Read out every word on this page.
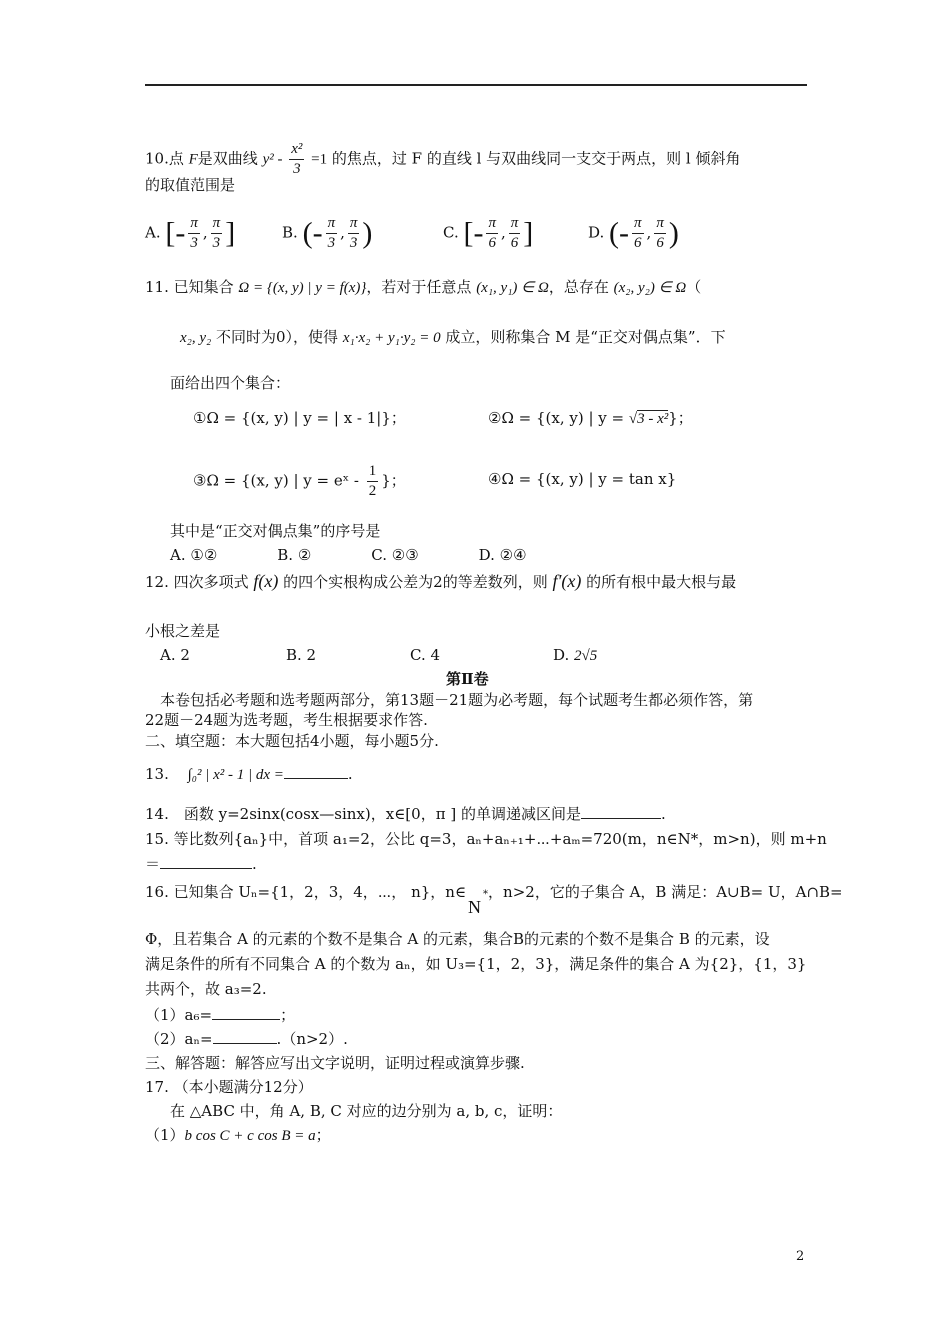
10.点 F是双曲线 $y^2 - \frac{\text{x²}}{3} =1$ 的焦点，过 F 的直线 l 与双曲线同一支交于两点，则 l 倾斜角
的取值范围是
A. [- $\frac{\pi}{3}$ , $\frac{\pi}{3}$ ]	B. (- $\frac{\pi}{3}$ , $\frac{\pi}{3}$ )	C. [- $\frac{\pi}{6}$ , $\frac{\pi}{6}$ ]	D. (- $\frac{\pi}{6}$ , $\frac{\pi}{6}$ )
11. 已知集合 Ω = {(x, y) | y = f(x)}，若对于任意点 (x₁, y₁) ∈ Ω，总存在 (x₂, y₂) ∈ Ω（
x₂, y₂ 不同时为0），使得 x₁·x₂ + y₁·y₂ = 0 成立，则称集合 M 是“正交对偶点集”．下
面给出四个集合：
①Ω = {(x, y) | y = | x - 1|}；	②Ω = {(x, y) | y = √3 - x²}；
③Ω = {(x, y) | y = eˣ - $\frac{1}{2}$ }；	④Ω = {(x, y) | y = tan x}
其中是“正交对偶点集”的序号是
A. ①②　　　　B. ②　　　　C. ②③　　　　D. ②④
12. 四次多项式 f(x) 的四个实根构成公差为2的等差数列，则 f′(x) 的所有根中最大根与最
小根之差是
A. 2	B. 2	C. 4	D. 2√5
第Ⅱ卷
本卷包括必考题和选考题两部分，第13题－21题为必考题，每个试题考生都必须作答，第
22题－24题为选考题，考生根据要求作答.
二、填空题：本大题包括4小题，每小题5分.
13. ∫₀² | x² - 1 | dx =	.
14.　函数 y=2sinx(cosx—sinx)，x∈[0，π ] 的单调递减区间是	.
15. 等比数列{aₙ}中，首项 a₁=2，公比 q=3，aₙ+aₙ₊₁+⋯+aₘ=720(m，n∈N*，m>n)，则 m+n
＝	.
16. 已知集合 Uₙ={1，2，3，4，⋯， n}，n∈N*，n>2，它的子集合 A，B 满足：A∪B= U，A∩B=
Φ，且若集合 A 的元素的个数不是集合 A 的元素，集合B的元素的个数不是集合 B 的元素，设
满足条件的所有不同集合 A 的个数为 aₙ，如 U₃={1，2，3}，满足条件的集合 A 为{2}，{1，3}
共两个，故 a₃=2.
（1）a₆=	；
（2）aₙ=	.（n>2）.
三、解答题：解答应写出文字说明，证明过程或演算步骤.
17. （本小题满分12分）
在 △ABC 中，角 A, B, C 对应的边分别为 a, b, c，证明：
（1）b cos C + c cos B = a；
2
